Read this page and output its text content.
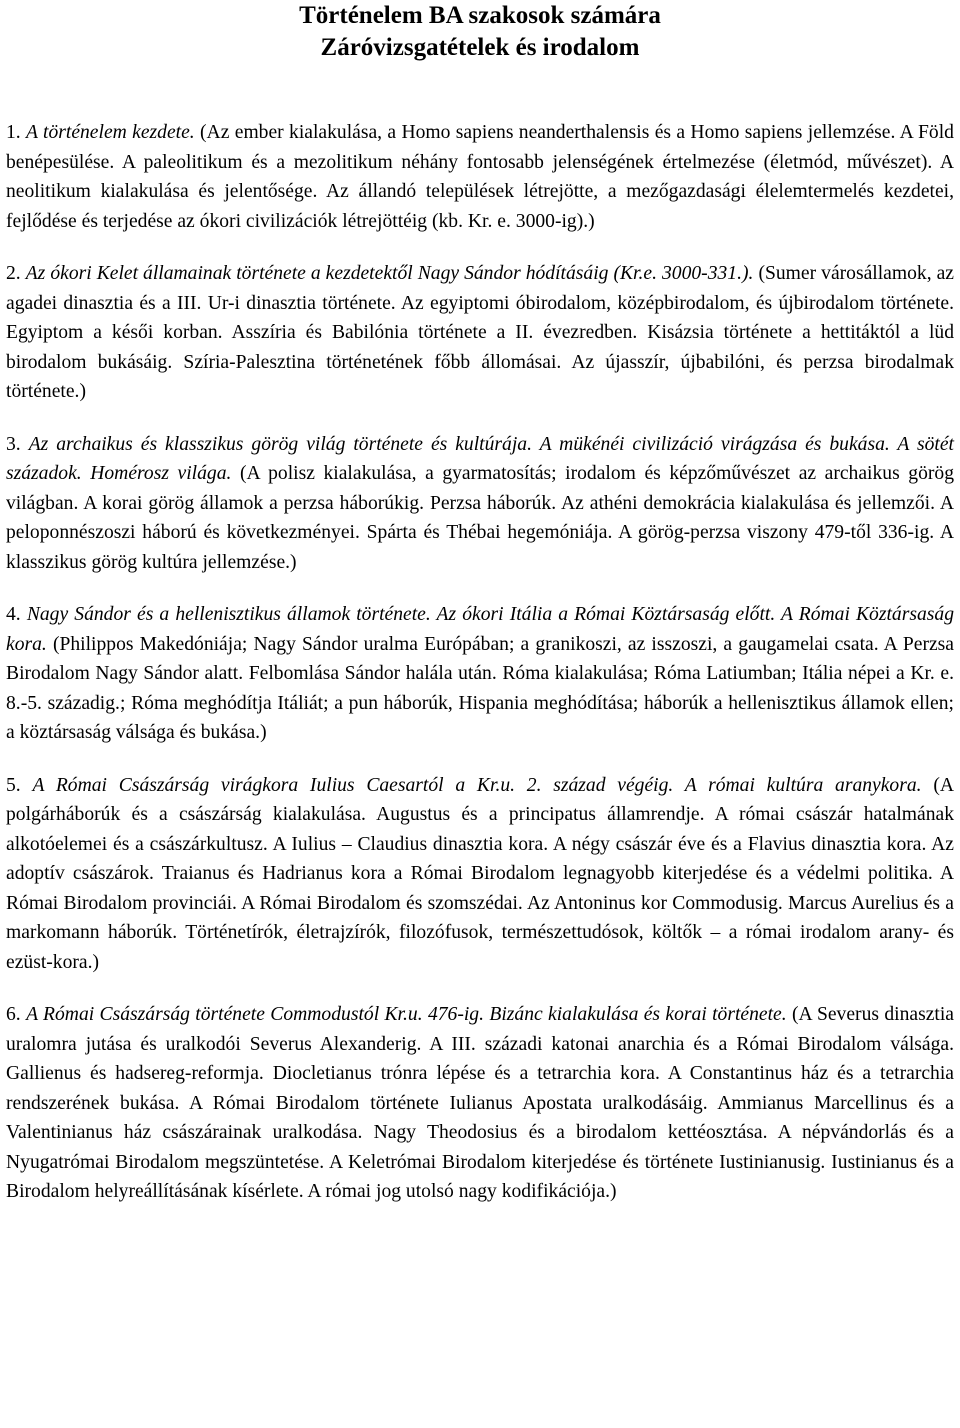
Történelem BA szakosok számára

Záróvizsgatételek és irodalom

1. A történelem kezdete. (Az ember kialakulása, a Homo sapiens neanderthalensis és a Homo sapiens jellemzése. A Föld benépesülése. A paleolitikum és a mezolitikum néhány fontosabb jelenségének értelmezése (életmód, művészet). A neolitikum kialakulása és jelentősége. Az állandó települések létrejötte, a mezőgazdasági élelemtermelés kezdetei, fejlődése és terjedése az ókori civilizációk létrejöttéig (kb. Kr. e. 3000-ig).)

2. Az ókori Kelet államainak története a kezdetektől Nagy Sándor hódításáig (Kr.e. 3000-331.). (Sumer városállamok, az agadei dinasztia és a III. Ur-i dinasztia története. Az egyiptomi óbirodalom, középbirodalom, és újbirodalom története. Egyiptom a késői korban. Asszíria és Babilónia története a II. évezredben. Kisázsia története a hettitáktól a lüd birodalom bukásáig. Szíria-Palesztina történetének főbb állomásai. Az újasszír, újbabilóni, és perzsa birodalmak története.)

3. Az archaikus és klasszikus görög világ története és kultúrája. A mükénéi civilizáció virágzása és bukása. A sötét századok. Homérosz világa. (A polisz kialakulása, a gyarmatosítás; irodalom és képzőművészet az archaikus görög világban. A korai görög államok a perzsa háborúkig. Perzsa háborúk. Az athéni demokrácia kialakulása és jellemzői. A peloponnészoszi háború és következményei. Spárta és Thébai hegemóniája. A görög-perzsa viszony 479-től 336-ig. A klasszikus görög kultúra jellemzése.)

4. Nagy Sándor és a hellenisztikus államok története. Az ókori Itália a Római Köztársaság előtt. A Római Köztársaság kora. (Philippos Makedóniája; Nagy Sándor uralma Európában; a granikoszi, az isszoszi, a gaugamelai csata. A Perzsa Birodalom Nagy Sándor alatt. Felbomlása Sándor halála után. Róma kialakulása; Róma Latiumban; Itália népei a Kr. e. 8.-5. századig.; Róma meghódítja Itáliát; a pun háborúk, Hispania meghódítása; háborúk a hellenisztikus államok ellen; a köztársaság válsága és bukása.)

5. A Római Császárság virágkora Iulius Caesartól a Kr.u. 2. század végéig. A római kultúra aranykora. (A polgárháborúk és a császárság kialakulása. Augustus és a principatus államrendje. A római császár hatalmának alkotóelemei és a császárkultusz. A Iulius – Claudius dinasztia kora. A négy császár éve és a Flavius dinasztia kora. Az adoptív császárok. Traianus és Hadrianus kora a Római Birodalom legnagyobb kiterjedése és a védelmi politika. A Római Birodalom provinciái. A Római Birodalom és szomszédai. Az Antoninus kor Commodusig. Marcus Aurelius és a markomann háborúk. Történetírók, életrajzírók, filozófusok, természettudósok, költők – a római irodalom arany- és ezüst-kora.)

6. A Római Császárság története Commodustól Kr.u. 476-ig. Bizánc kialakulása és korai története. (A Severus dinasztia uralomra jutása és uralkodói Severus Alexanderig. A III. századi katonai anarchia és a Római Birodalom válsága. Gallienus és hadsereg-reformja. Diocletianus trónra lépése és a tetrarchia kora. A Constantinus ház és a tetrarchia rendszerének bukása. A Római Birodalom története Iulianus Apostata uralkodásáig. Ammianus Marcellinus és a Valentinianus ház császárainak uralkodása. Nagy Theodosius és a birodalom kettéosztása. A népvándorlás és a Nyugatrómai Birodalom megszüntetése. A Keletrómai Birodalom kiterjedése és története Iustinianusig. Iustinianus és a Birodalom helyreállításának kísérlete. A római jog utolsó nagy kodifikációja.)
